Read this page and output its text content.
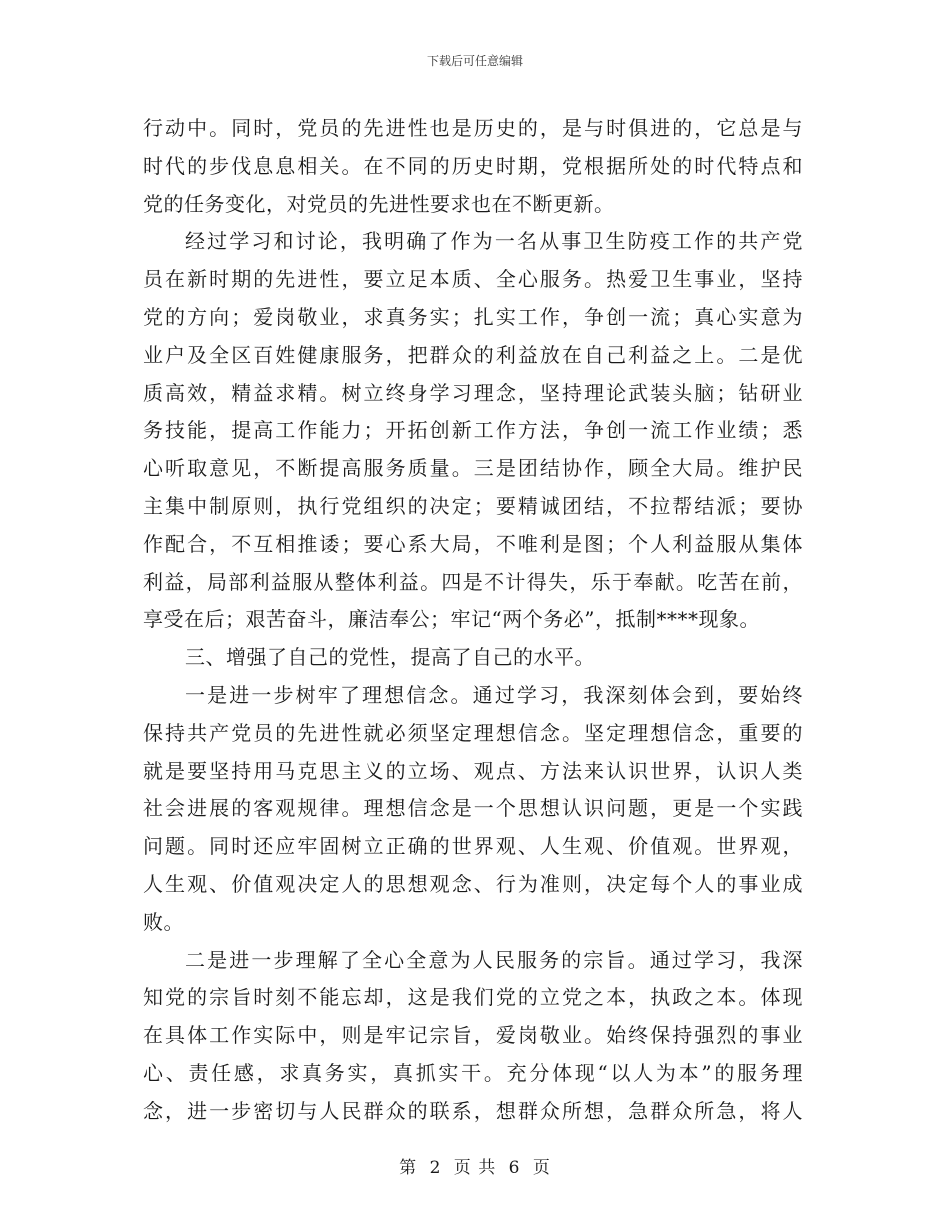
下载后可任意编辑
行动中。同时，党员的先进性也是历史的，是与时俱进的，它总是与
时代的步伐息息相关。在不同的历史时期，党根据所处的时代特点和
党的任务变化，对党员的先进性要求也在不断更新。
经过学习和讨论，我明确了作为一名从事卫生防疫工作的共产党
员在新时期的先进性，要立足本质、全心服务。热爱卫生事业，坚持
党的方向；爱岗敬业，求真务实；扎实工作，争创一流；真心实意为
业户及全区百姓健康服务，把群众的利益放在自己利益之上。二是优
质高效，精益求精。树立终身学习理念，坚持理论武装头脑；钻研业
务技能，提高工作能力；开拓创新工作方法，争创一流工作业绩；悉
心听取意见，不断提高服务质量。三是团结协作，顾全大局。维护民
主集中制原则，执行党组织的决定；要精诚团结，不拉帮结派；要协
作配合，不互相推诿；要心系大局，不唯利是图；个人利益服从集体
利益，局部利益服从整体利益。四是不计得失，乐于奉献。吃苦在前，
享受在后；艰苦奋斗，廉洁奉公；牢记“两个务必”，抵制****现象。
三、增强了自己的党性，提高了自己的水平。
一是进一步树牢了理想信念。通过学习，我深刻体会到，要始终
保持共产党员的先进性就必须坚定理想信念。坚定理想信念，重要的
就是要坚持用马克思主义的立场、观点、方法来认识世界，认识人类
社会进展的客观规律。理想信念是一个思想认识问题，更是一个实践
问题。同时还应牢固树立正确的世界观、人生观、价值观。世界观，
人生观、价值观决定人的思想观念、行为准则，决定每个人的事业成
败。
二是进一步理解了全心全意为人民服务的宗旨。通过学习，我深
知党的宗旨时刻不能忘却，这是我们党的立党之本，执政之本。体现
在具体工作实际中，则是牢记宗旨，爱岗敬业。始终保持强烈的事业
心、责任感，求真务实，真抓实干。充分体现“以人为本”的服务理
念，进一步密切与人民群众的联系，想群众所想，急群众所急，将人
第 2 页 共 6 页
